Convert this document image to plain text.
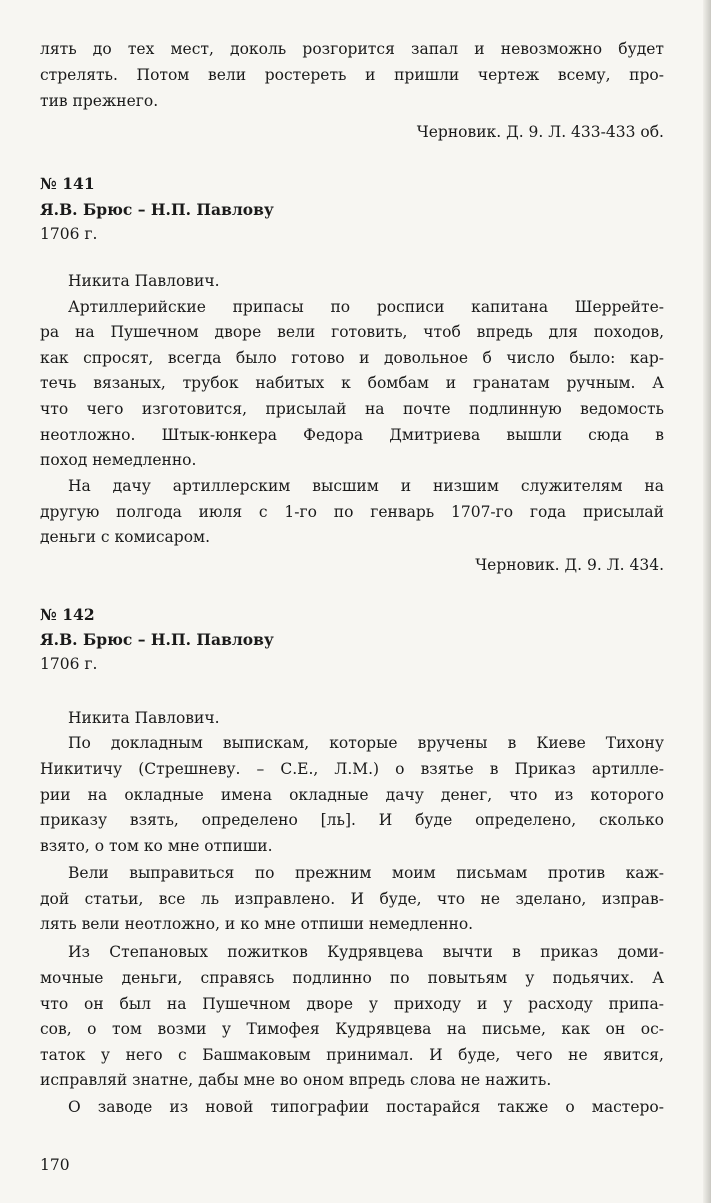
лять до тех мест, доколь розгорится запал и невозможно будет
стрелять. Потом вели ростереть и пришли чертеж всему, про-
тив прежнего.
Черновик. Д. 9. Л. 433-433 об.
№ 141
Я.В. Брюс – Н.П. Павлову
1706 г.
Никита Павлович.
Артиллерийские припасы по росписи капитана Шеррейте-
ра на Пушечном дворе вели готовить, чтоб впредь для походов,
как спросят, всегда было готово и довольное б число было: кар-
течь вязаных, трубок набитых к бомбам и гранатам ручным. А
что чего изготовится, присылай на почте подлинную ведомость
неотложно. Штык-юнкера Федора Дмитриева вышли сюда в
поход немедленно.
На дачу артиллерским высшим и низшим служителям на
другую полгода июля с 1-го по генварь 1707-го года присылай
деньги с комисаром.
Черновик. Д. 9. Л. 434.
№ 142
Я.В. Брюс – Н.П. Павлову
1706 г.
Никита Павлович.
По докладным выпискам, которые вручены в Киеве Тихону
Никитичу (Стрешневу. – С.Е., Л.М.) о взятье в Приказ артилле-
рии на окладные имена окладные дачу денег, что из которого
приказу взять, определено [ль]. И буде определено, сколько
взято, о том ко мне отпиши.
Вели выправиться по прежним моим письмам против каж-
дой статьи, все ль изправлено. И буде, что не зделано, изправ-
лять вели неотложно, и ко мне отпиши немедленно.
Из Степановых пожитков Кудрявцева вычти в приказ доми-
мочные деньги, справясь подлинно по повытьям у подьячих. А
что он был на Пушечном дворе у приходу и у расходу припа-
сов, о том возми у Тимофея Кудрявцева на письме, как он ос-
таток у него с Башмаковым принимал. И буде, чего не явится,
исправляй знатне, дабы мне во оном впредь слова не нажить.
О заводе из новой типографии постарайся также о мастеро-
170
